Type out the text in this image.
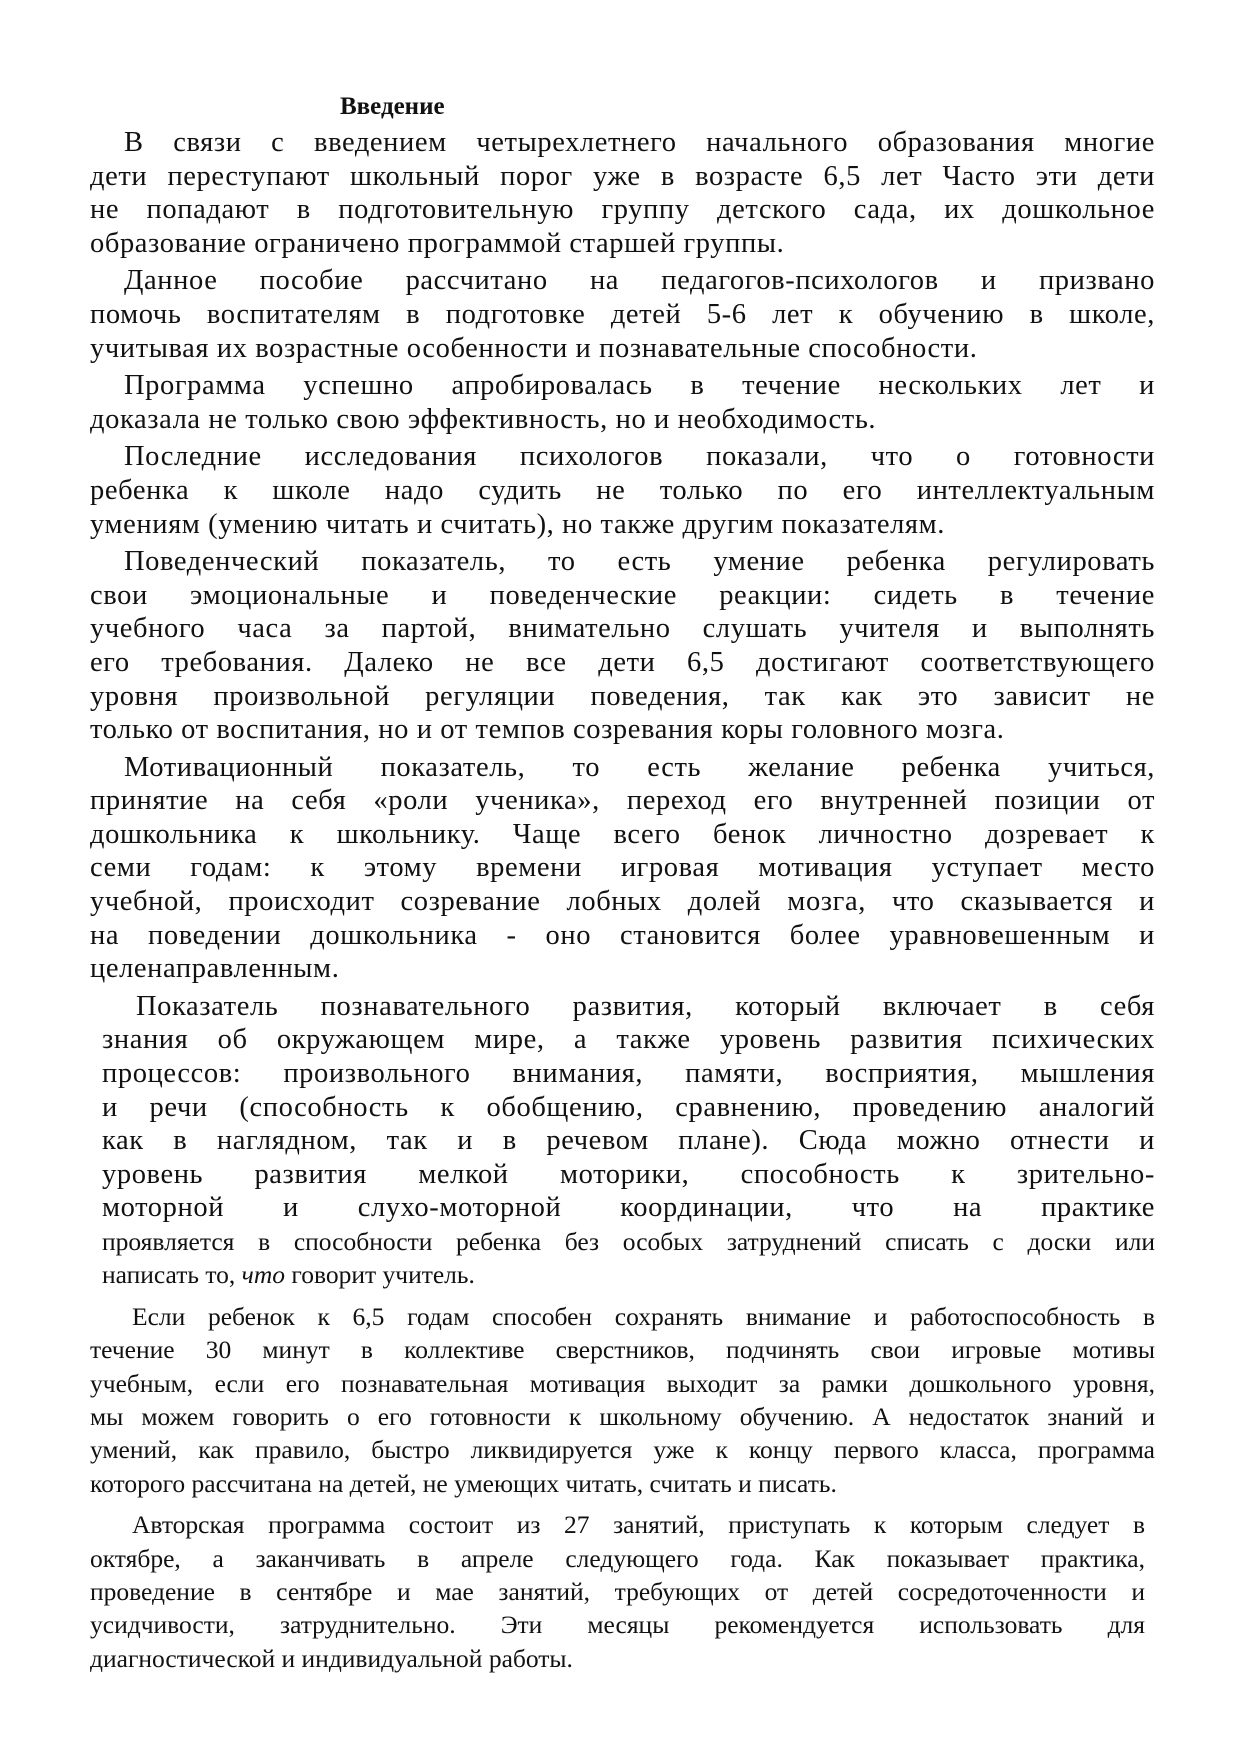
Введение

В связи с введением четырехлетнего начального образования многие
дети переступают школьный порог уже в возрасте 6,5 лет Часто эти дети
не попадают в подготовительную группу детского сада, их дошкольное
образование ограничено программой старшей группы.

Данное пособие рассчитано на педагогов-психологов и призвано
помочь воспитателям в подготовке детей 5-6 лет к обучению в школе,
учитывая их возрастные особенности и познавательные способности.

Программа успешно апробировалась в течение нескольких лет и
доказала не только свою эффективность, но и необходимость.

Последние исследования психологов показали, что о готовности
ребенка к школе надо судить не только по его интеллектуальным
умениям (умению читать и считать), но также другим показателям.

Поведенческий показатель, то есть умение ребенка регулировать
свои эмоциональные и поведенческие реакции: сидеть в течение
учебного часа за партой, внимательно слушать учителя и выполнять
его требования. Далеко не все дети 6,5 достигают соответствующего
уровня произвольной регуляции поведения, так как это зависит не
только от воспитания, но и от темпов созревания коры головного мозга.

Мотивационный показатель, то есть желание ребенка учиться,
принятие на себя «роли ученика», переход его внутренней позиции от
дошкольника к школьнику. Чаще всего бенок личностно дозревает к
семи годам: к этому времени игровая мотивация уступает место
учебной, происходит созревание лобных долей мозга, что сказывается и
на поведении дошкольника - оно становится более уравновешенным и
целенаправленным.

Показатель познавательного развития, который включает в себя
знания об окружающем мире, а также уровень развития психических
процессов: произвольного внимания, памяти, восприятия, мышления
и речи (способность к обобщению, сравнению, проведению аналогий
как в наглядном, так и в речевом плане). Сюда можно отнести и
уровень развития мелкой моторики, способность к зрительно-
моторной и слухо-моторной координации, что на практике

проявляется в способности ребенка без особых затруднений списать с доски или
написать то, что говорит учитель.

Если ребенок к 6,5 годам способен сохранять внимание и работоспособность в
течение 30 минут в коллективе сверстников, подчинять свои игровые мотивы
учебным, если его познавательная мотивация выходит за рамки дошкольного уровня,
мы можем говорить о его готовности к школьному обучению. А недостаток знаний и
умений, как правило, быстро ликвидируется уже к концу первого класса, программа
которого рассчитана на детей, не умеющих читать, считать и писать.

Авторская программа состоит из 27 занятий, приступать к которым следует в
октябре, а заканчивать в апреле следующего года. Как показывает практика,
проведение в сентябре и мае занятий, требующих от детей сосредоточенности и
усидчивости, затруднительно. Эти месяцы рекомендуется использовать для
диагностической и индивидуальной работы.
